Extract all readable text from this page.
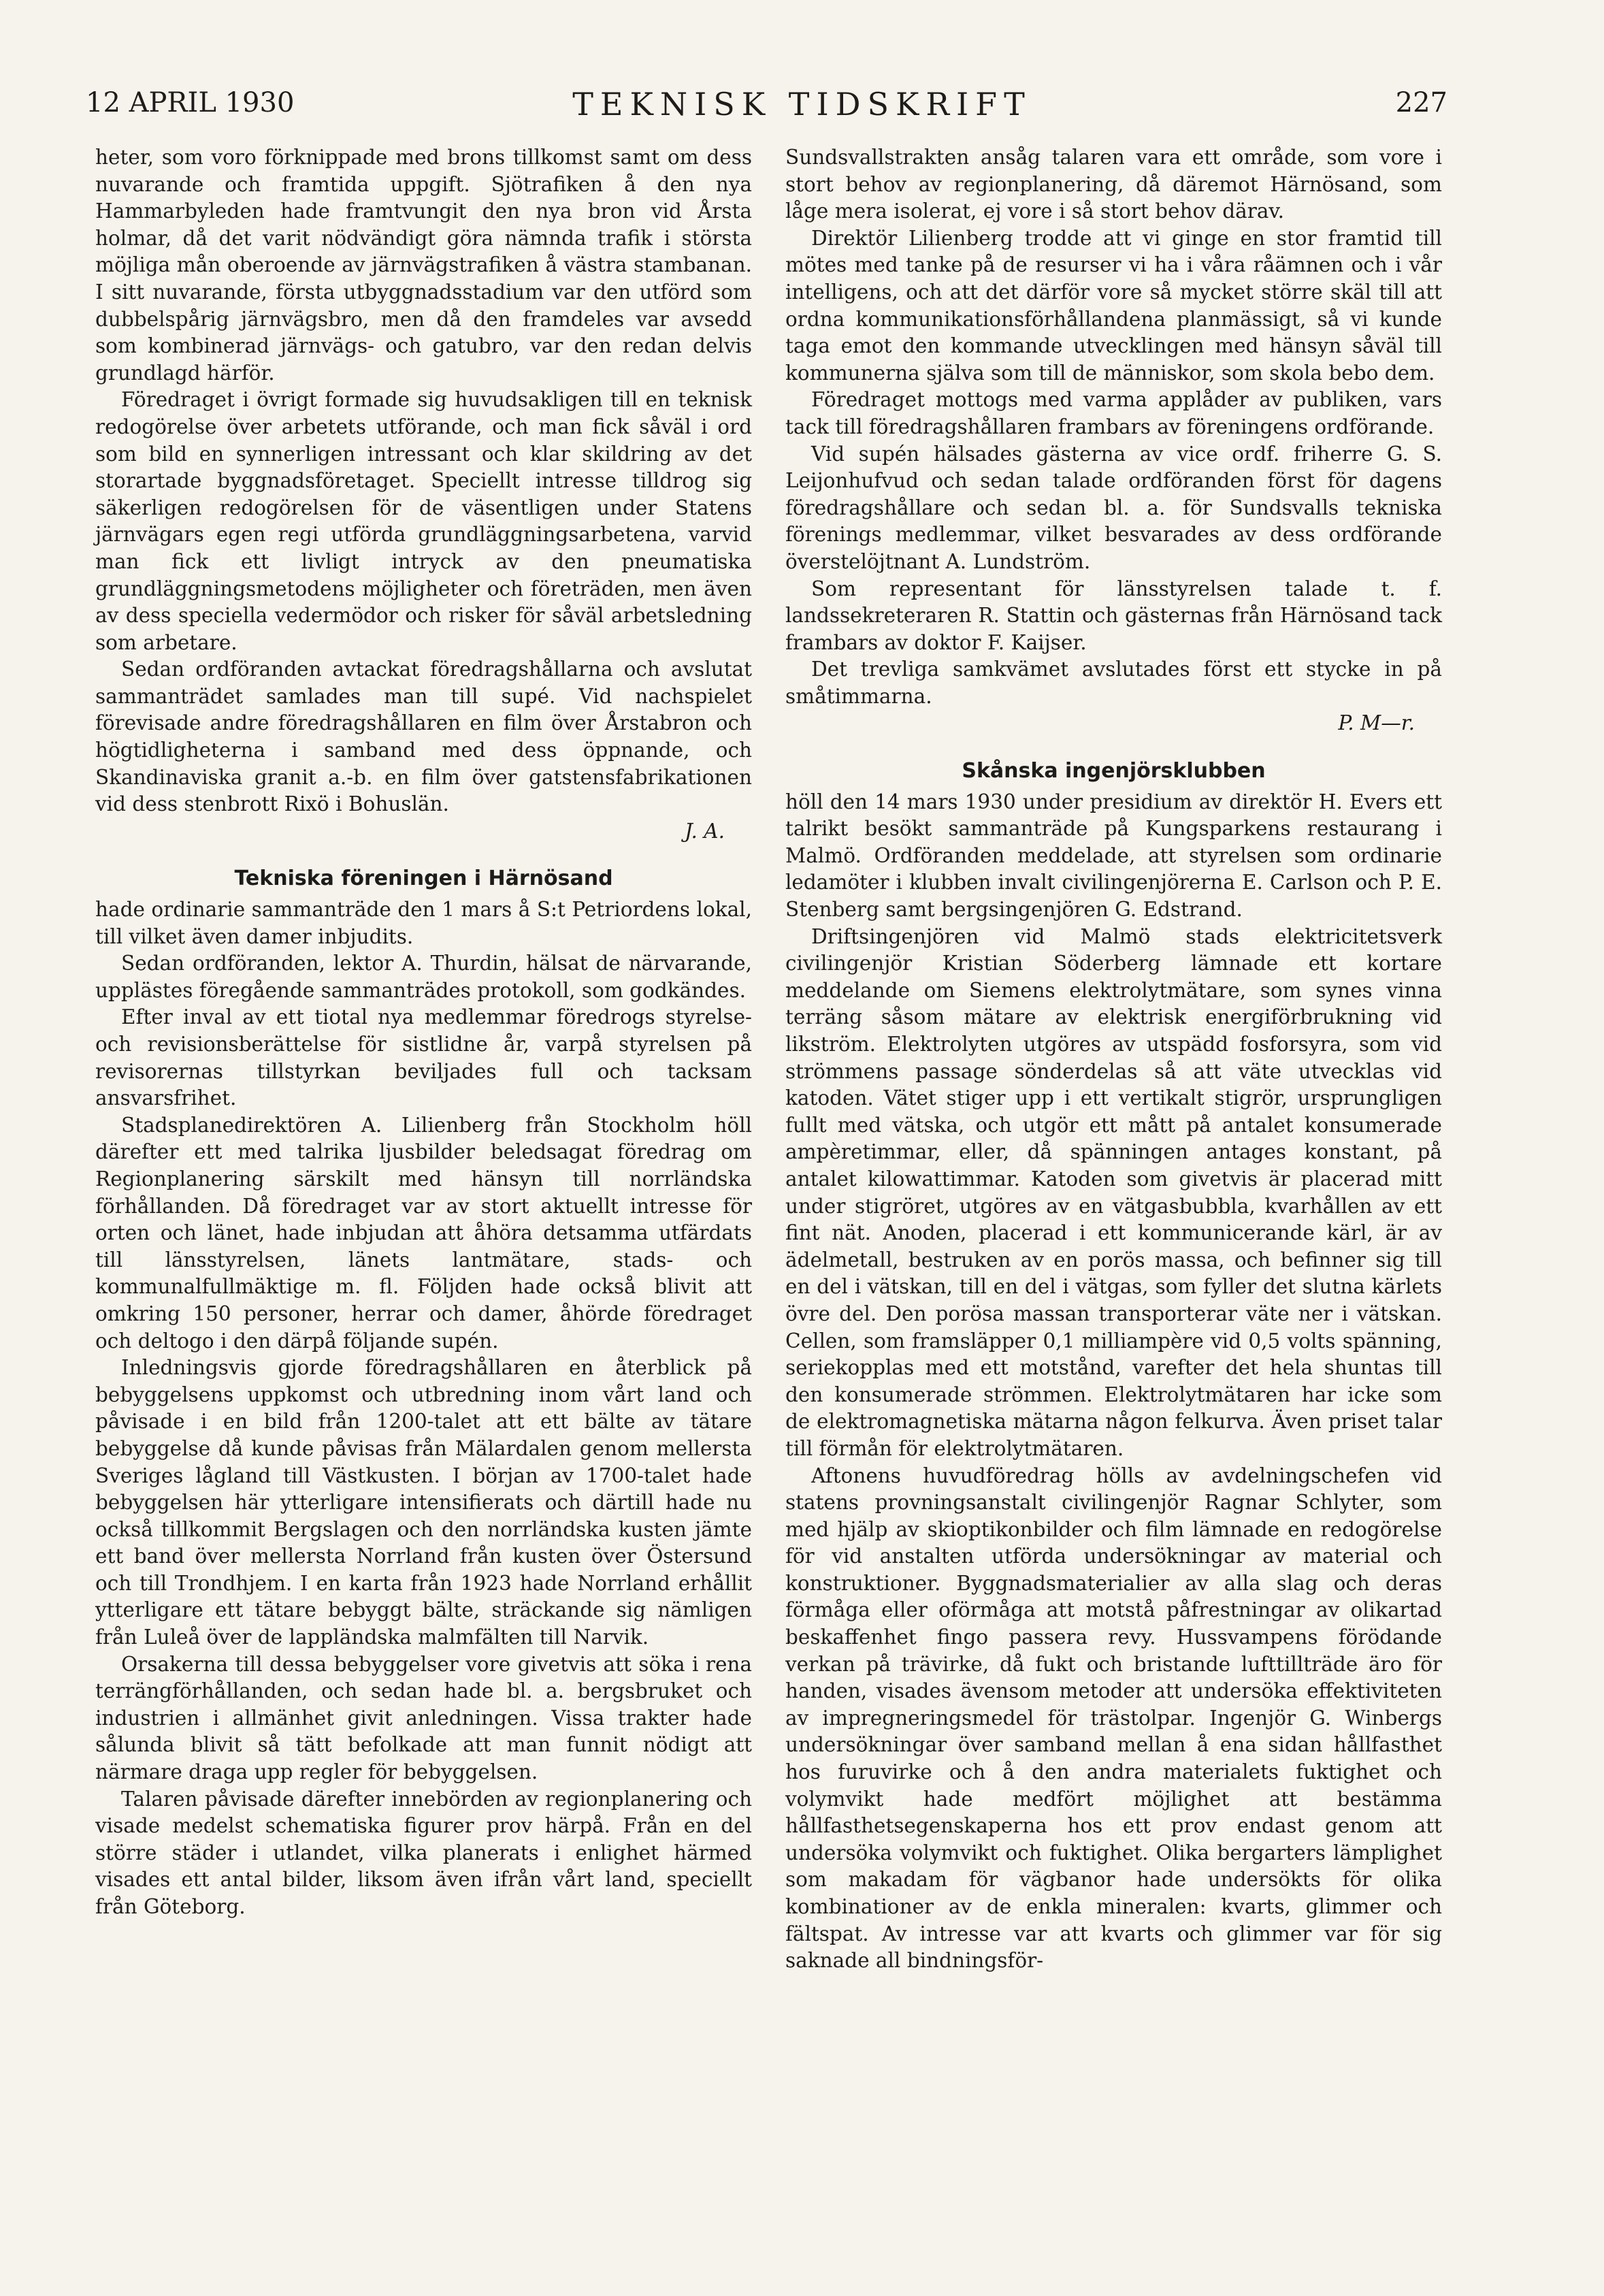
12 APRIL 1930	TEKNISK TIDSKRIFT	227

heter, som voro förknippade med brons tillkomst samt om dess nuvarande och framtida uppgift. Sjötrafiken å den nya Hammarbyleden hade framtvungit den nya bron vid Årsta holmar, då det varit nödvändigt göra nämnda trafik i största möjliga mån oberoende av järnvägstrafiken å västra stambanan. I sitt nuvarande, första utbyggnadsstadium var den utförd som dubbelspårig järnvägsbro, men då den framdeles var avsedd som kombinerad järnvägs- och gatubro, var den redan delvis grundlagd härför.

Föredraget i övrigt formade sig huvudsakligen till en teknisk redogörelse över arbetets utförande, och man fick såväl i ord som bild en synnerligen intressant och klar skildring av det storartade byggnadsföretaget. Speciellt intresse tilldrog sig säkerligen redogörelsen för de väsentligen under Statens järnvägars egen regi utförda grundläggningsarbetena, varvid man fick ett livligt intryck av den pneumatiska grundläggningsmetodens möjligheter och företräden, men även av dess speciella vedermödor och risker för såväl arbetsledning som arbetare.

Sedan ordföranden avtackat föredragshållarna och avslutat sammanträdet samlades man till supé. Vid nachspielet förevisade andre föredragshållaren en film över Årstabron och högtidligheterna i samband med dess öppnande, och Skandinaviska granit a.-b. en film över gatstensfabrikationen vid dess stenbrott Rixö i Bohuslän.

J. A.

Tekniska föreningen i Härnösand

hade ordinarie sammanträde den 1 mars å S:t Petriordens lokal, till vilket även damer inbjudits.

Sedan ordföranden, lektor A. Thurdin, hälsat de närvarande, upplästes föregående sammanträdes protokoll, som godkändes.

Efter inval av ett tiotal nya medlemmar föredrogs styrelse- och revisionsberättelse för sistlidne år, varpå styrelsen på revisorernas tillstyrkan beviljades full och tacksam ansvarsfrihet.

Stadsplanedirektören A. Lilienberg från Stockholm höll därefter ett med talrika ljusbilder beledsagat föredrag om Regionplanering särskilt med hänsyn till norrländska förhållanden. Då föredraget var av stort aktuellt intresse för orten och länet, hade inbjudan att åhöra detsamma utfärdats till länsstyrelsen, länets lantmätare, stads- och kommunalfullmäktige m. fl. Följden hade också blivit att omkring 150 personer, herrar och damer, åhörde föredraget och deltogo i den därpå följande supén.

Inledningsvis gjorde föredragshållaren en återblick på bebyggelsens uppkomst och utbredning inom vårt land och påvisade i en bild från 1200-talet att ett bälte av tätare bebyggelse då kunde påvisas från Mälardalen genom mellersta Sveriges lågland till Västkusten. I början av 1700-talet hade bebyggelsen här ytterligare intensifierats och därtill hade nu också tillkommit Bergslagen och den norrländska kusten jämte ett band över mellersta Norrland från kusten över Östersund och till Trondhjem. I en karta från 1923 hade Norrland erhållit ytterligare ett tätare bebyggt bälte, sträckande sig nämligen från Luleå över de lappländska malmfälten till Narvik.

Orsakerna till dessa bebyggelser vore givetvis att söka i rena terrängförhållanden, och sedan hade bl. a. bergsbruket och industrien i allmänhet givit anledningen. Vissa trakter hade sålunda blivit så tätt befolkade att man funnit nödigt att närmare draga upp regler för bebyggelsen.

Talaren påvisade därefter innebörden av regionplanering och visade medelst schematiska figurer prov härpå. Från en del större städer i utlandet, vilka planerats i enlighet härmed visades ett antal bilder, liksom även ifrån vårt land, speciellt från Göteborg.

Sundsvallstrakten ansåg talaren vara ett område, som vore i stort behov av regionplanering, då däremot Härnösand, som låge mera isolerat, ej vore i så stort behov därav.

Direktör Lilienberg trodde att vi ginge en stor framtid till mötes med tanke på de resurser vi ha i våra råämnen och i vår intelligens, och att det därför vore så mycket större skäl till att ordna kommunikationsförhållandena planmässigt, så vi kunde taga emot den kommande utvecklingen med hänsyn såväl till kommunerna själva som till de människor, som skola bebo dem.

Föredraget mottogs med varma applåder av publiken, vars tack till föredragshållaren frambars av föreningens ordförande.

Vid supén hälsades gästerna av vice ordf. friherre G. S. Leijonhufvud och sedan talade ordföranden först för dagens föredragshållare och sedan bl. a. för Sundsvalls tekniska förenings medlemmar, vilket besvarades av dess ordförande överstelöjtnant A. Lundström.

Som representant för länsstyrelsen talade t. f. landssekreteraren R. Stattin och gästernas från Härnösand tack frambars av doktor F. Kaijser.

Det trevliga samkvämet avslutades först ett stycke in på småtimmarna.

P. M—r.

Skånska ingenjörsklubben

höll den 14 mars 1930 under presidium av direktör H. Evers ett talrikt besökt sammanträde på Kungsparkens restaurang i Malmö. Ordföranden meddelade, att styrelsen som ordinarie ledamöter i klubben invalt civilingenjörerna E. Carlson och P. E. Stenberg samt bergsingenjören G. Edstrand.

Driftsingenjören vid Malmö stads elektricitetsverk civilingenjör Kristian Söderberg lämnade ett kortare meddelande om Siemens elektrolytmätare, som synes vinna terräng såsom mätare av elektrisk energiförbrukning vid likström. Elektrolyten utgöres av utspädd fosforsyra, som vid strömmens passage sönderdelas så att väte utvecklas vid katoden. Vätet stiger upp i ett vertikalt stigrör, ursprungligen fullt med vätska, och utgör ett mått på antalet konsumerade ampèretimmar, eller, då spänningen antages konstant, på antalet kilowattimmar. Katoden som givetvis är placerad mitt under stigröret, utgöres av en vätgasbubbla, kvarhållen av ett fint nät. Anoden, placerad i ett kommunicerande kärl, är av ädelmetall, bestruken av en porös massa, och befinner sig till en del i vätskan, till en del i vätgas, som fyller det slutna kärlets övre del. Den porösa massan transporterar väte ner i vätskan. Cellen, som framsläpper 0,1 milliampère vid 0,5 volts spänning, seriekopplas med ett motstånd, varefter det hela shuntas till den konsumerade strömmen. Elektrolytmätaren har icke som de elektromagnetiska mätarna någon felkurva. Även priset talar till förmån för elektrolytmätaren.

Aftonens huvudföredrag hölls av avdelningschefen vid statens provningsanstalt civilingenjör Ragnar Schlyter, som med hjälp av skioptikonbilder och film lämnade en redogörelse för vid anstalten utförda undersökningar av material och konstruktioner. Byggnadsmaterialier av alla slag och deras förmåga eller oförmåga att motstå påfrestningar av olikartad beskaffenhet fingo passera revy. Hussvampens förödande verkan på trävirke, då fukt och bristande lufttillträde äro för handen, visades ävensom metoder att undersöka effektiviteten av impregneringsmedel för trästolpar. Ingenjör G. Winbergs undersökningar över samband mellan å ena sidan hållfasthet hos furuvirke och å den andra materialets fuktighet och volymvikt hade medfört möjlighet att bestämma hållfasthetsegenskaperna hos ett prov endast genom att undersöka volymvikt och fuktighet. Olika bergarters lämplighet som makadam för vägbanor hade undersökts för olika kombinationer av de enkla mineralen: kvarts, glimmer och fältspat. Av intresse var att kvarts och glimmer var för sig saknade all bindningsför-
